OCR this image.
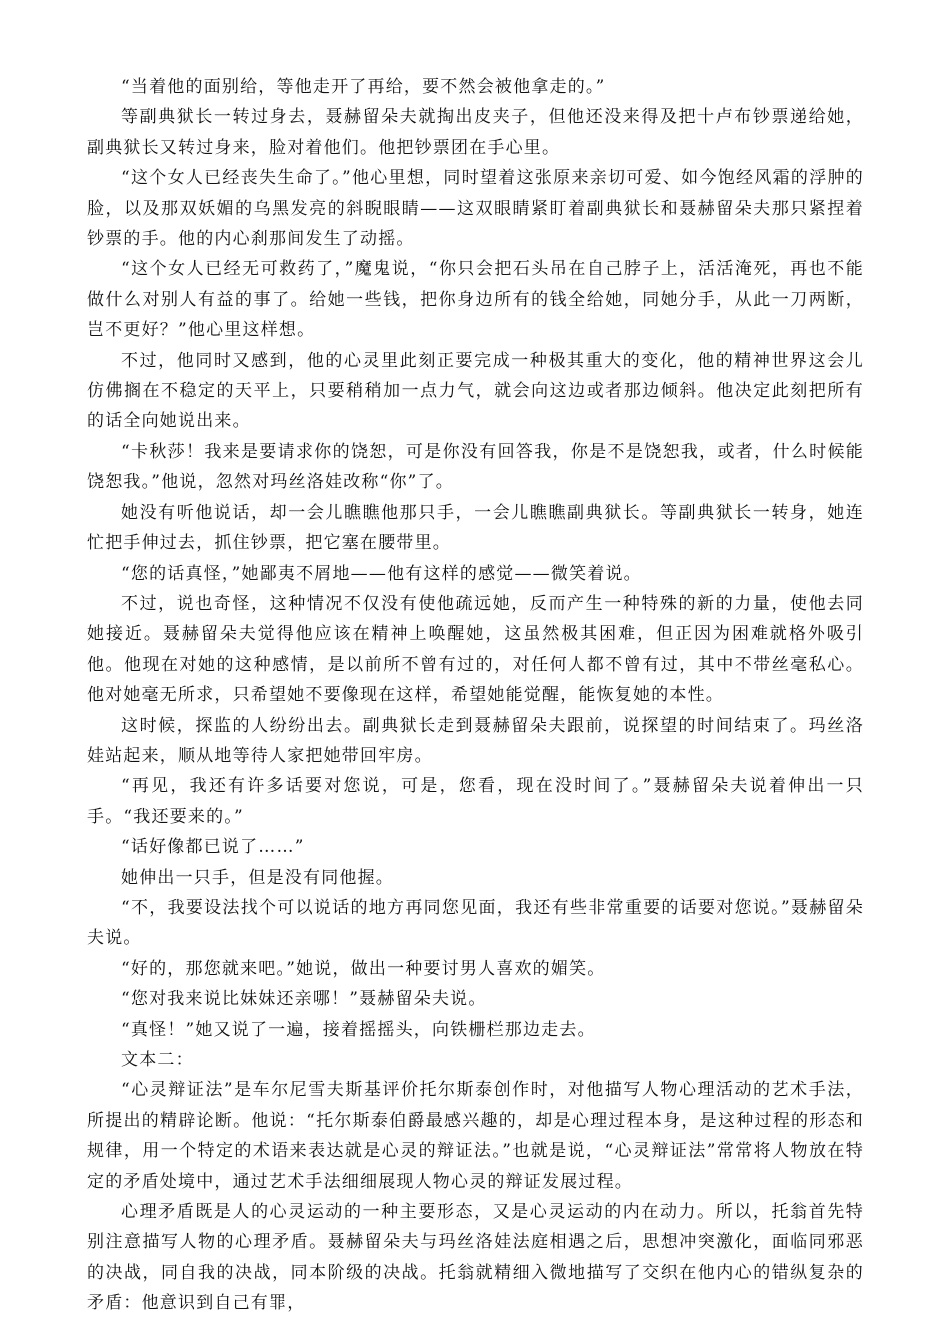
“当着他的面别给，等他走开了再给，要不然会被他拿走的。”

等副典狱长一转过身去，聂赫留朵夫就掏出皮夹子，但他还没来得及把十卢布钞票递给她，副典狱长又转过身来，脸对着他们。他把钞票团在手心里。

“这个女人已经丧失生命了。”他心里想，同时望着这张原来亲切可爱、如今饱经风霜的浮肿的脸，以及那双妖媚的乌黑发亮的斜睨眼睛——这双眼睛紧盯着副典狱长和聂赫留朵夫那只紧捏着钞票的手。他的内心刹那间发生了动摇。

“这个女人已经无可救药了，”魔鬼说，“你只会把石头吊在自己脖子上，活活淹死，再也不能做什么对别人有益的事了。给她一些钱，把你身边所有的钱全给她，同她分手，从此一刀两断，岂不更好？”他心里这样想。

不过，他同时又感到，他的心灵里此刻正要完成一种极其重大的变化，他的精神世界这会儿仿佛搁在不稳定的天平上，只要稍稍加一点力气，就会向这边或者那边倾斜。他决定此刻把所有的话全向她说出来。

“卡秋莎！我来是要请求你的饶恕，可是你没有回答我，你是不是饶恕我，或者，什么时候能饶恕我。”他说，忽然对玛丝洛娃改称“你”了。

她没有听他说话，却一会儿瞧瞧他那只手，一会儿瞧瞧副典狱长。等副典狱长一转身，她连忙把手伸过去，抓住钞票，把它塞在腰带里。

“您的话真怪，”她鄙夷不屑地——他有这样的感觉——微笑着说。

不过，说也奇怪，这种情况不仅没有使他疏远她，反而产生一种特殊的新的力量，使他去同她接近。聂赫留朵夫觉得他应该在精神上唤醒她，这虽然极其困难，但正因为困难就格外吸引他。他现在对她的这种感情，是以前所不曾有过的，对任何人都不曾有过，其中不带丝毫私心。他对她毫无所求，只希望她不要像现在这样，希望她能觉醒，能恢复她的本性。

这时候，探监的人纷纷出去。副典狱长走到聂赫留朵夫跟前，说探望的时间结束了。玛丝洛娃站起来，顺从地等待人家把她带回牢房。

“再见，我还有许多话要对您说，可是，您看，现在没时间了。”聂赫留朵夫说着伸出一只手。“我还要来的。”

“话好像都已说了……”

她伸出一只手，但是没有同他握。

“不，我要设法找个可以说话的地方再同您见面，我还有些非常重要的话要对您说。”聂赫留朵夫说。

“好的，那您就来吧。”她说，做出一种要讨男人喜欢的媚笑。

“您对我来说比妹妹还亲哪！”聂赫留朵夫说。

“真怪！”她又说了一遍，接着摇摇头，向铁栅栏那边走去。

文本二：

“心灵辩证法”是车尔尼雪夫斯基评价托尔斯泰创作时，对他描写人物心理活动的艺术手法，所提出的精辟论断。他说：“托尔斯泰伯爵最感兴趣的，却是心理过程本身，是这种过程的形态和规律，用一个特定的术语来表达就是心灵的辩证法。”也就是说，“心灵辩证法”常常将人物放在特定的矛盾处境中，通过艺术手法细细展现人物心灵的辩证发展过程。

心理矛盾既是人的心灵运动的一种主要形态，又是心灵运动的内在动力。所以，托翁首先特别注意描写人物的心理矛盾。聂赫留朵夫与玛丝洛娃法庭相遇之后，思想冲突激化，面临同邪恶的决战，同自我的决战，同本阶级的决战。托翁就精细入微地描写了交织在他内心的错纵复杂的矛盾：他意识到自己有罪，
